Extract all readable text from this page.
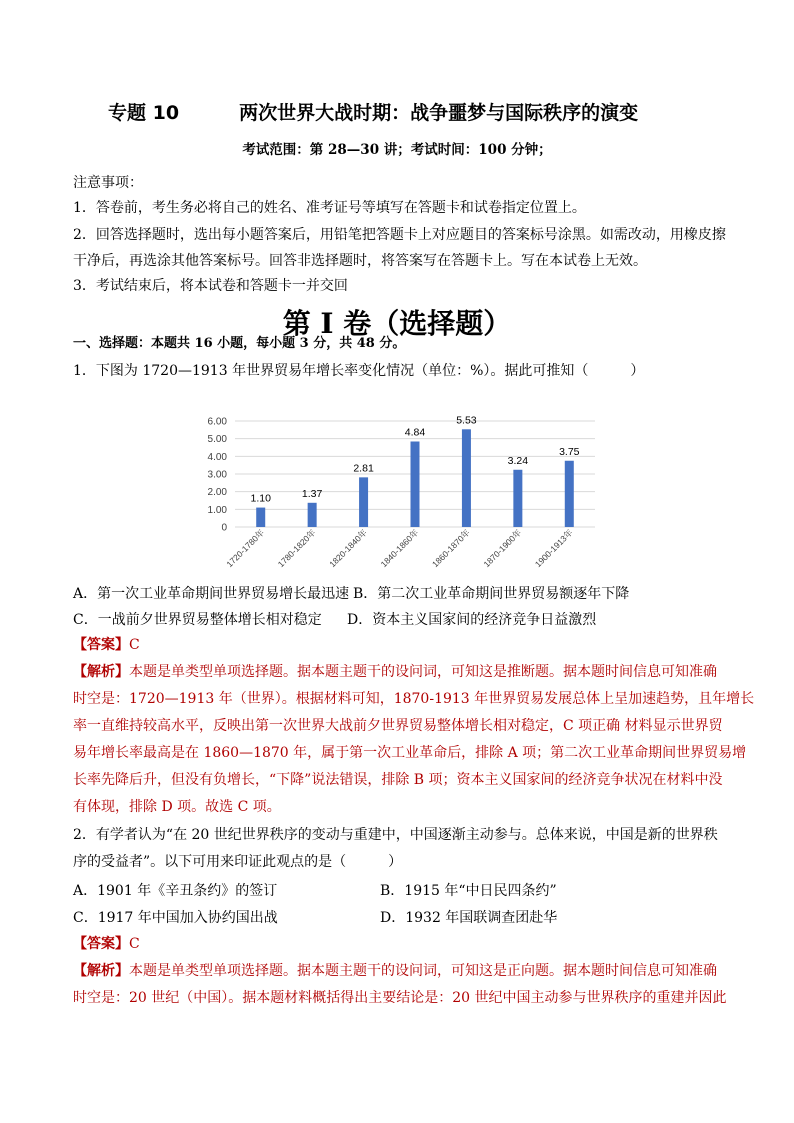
专题 10	两次世界大战时期：战争噩梦与国际秩序的演变
考试范围：第 28—30 讲；考试时间：100 分钟；
注意事项：
1．答卷前，考生务必将自己的姓名、准考证号等填写在答题卡和试卷指定位置上。
2．回答选择题时，选出每小题答案后，用铅笔把答题卡上对应题目的答案标号涂黑。如需改动，用橡皮擦
干净后，再选涂其他答案标号。回答非选择题时，将答案写在答题卡上。写在本试卷上无效。
3．考试结束后，将本试卷和答题卡一并交回
第 I 卷（选择题）
一、选择题：本题共 16 小题，每小题 3 分，共 48 分。
1．下图为 1720—1913 年世界贸易年增长率变化情况（单位：%）。据此可推知（　　　）
0
1.00
2.00
3.00
4.00
5.00
6.00
1.10	1.37
2.81
4.84
5.53
3.24
3.75
1720-1780年 1780-1820年 1820-1840年 1840-1860年 1860-1870年 1870-1900年 1900-1913年
A．第一次工业革命期间世界贸易增长最迅速 B．第二次工业革命期间世界贸易额逐年下降
C．一战前夕世界贸易整体增长相对稳定 D．资本主义国家间的经济竞争日益激烈
【答案】C
【解析】本题是单类型单项选择题。据本题主题干的设问词，可知这是推断题。据本题时间信息可知准确
时空是：1720—1913 年（世界）。根据材料可知，1870-1913 年世界贸易发展总体上呈加速趋势，且年增长
率一直维持较高水平，反映出第一次世界大战前夕世界贸易整体增长相对稳定，C 项正确 材料显示世界贸
易年增长率最高是在 1860—1870 年，属于第一次工业革命后，排除 A 项；第二次工业革命期间世界贸易增
长率先降后升，但没有负增长，“下降”说法错误，排除 B 项；资本主义国家间的经济竞争状况在材料中没
有体现，排除 D 项。故选 C 项。
2．有学者认为“在 20 世纪世界秩序的变动与重建中，中国逐渐主动参与。总体来说，中国是新的世界秩
序的受益者”。以下可用来印证此观点的是（　　　）
A．1901 年《辛丑条约》的签订	B．1915 年“中日民四条约”
C．1917 年中国加入协约国出战	D．1932 年国联调查团赴华
【答案】C
【解析】本题是单类型单项选择题。据本题主题干的设问词，可知这是正向题。据本题时间信息可知准确
时空是：20 世纪（中国）。据本题材料概括得出主要结论是：20 世纪中国主动参与世界秩序的重建并因此
